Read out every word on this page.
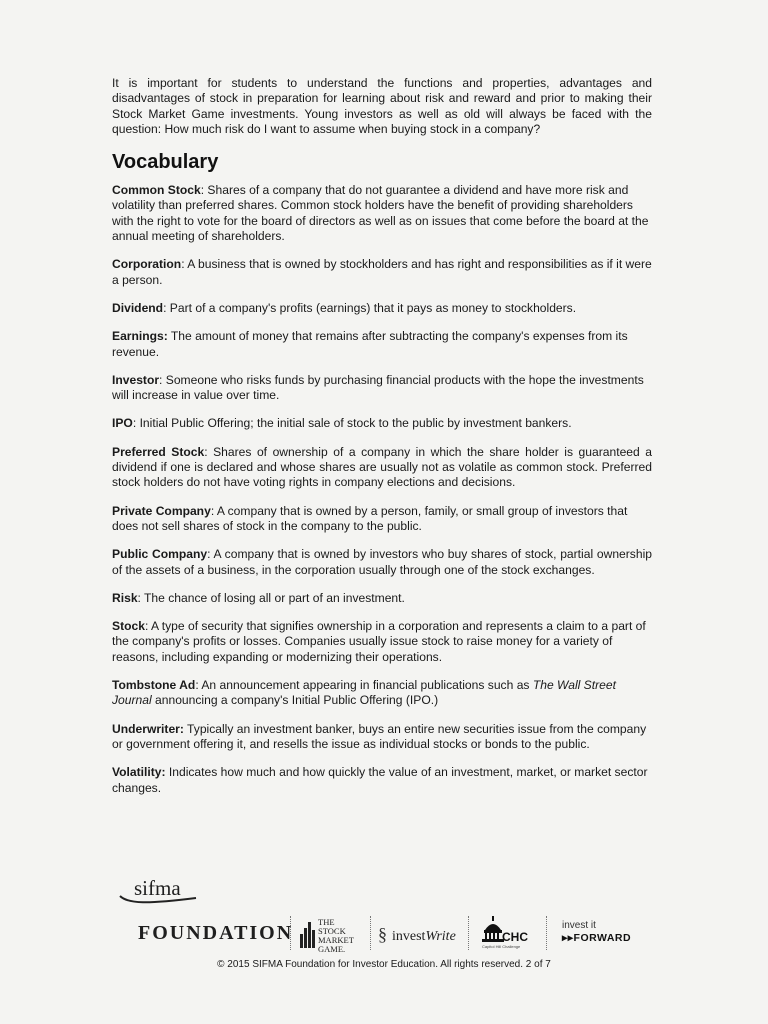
It is important for students to understand the functions and properties, advantages and disadvantages of stock in preparation for learning about risk and reward and prior to making their Stock Market Game investments. Young investors as well as old will always be faced with the question: How much risk do I want to assume when buying stock in a company?

Vocabulary

Common Stock: Shares of a company that do not guarantee a dividend and have more risk and volatility than preferred shares. Common stock holders have the benefit of providing shareholders with the right to vote for the board of directors as well as on issues that come before the board at the annual meeting of shareholders.

Corporation: A business that is owned by stockholders and has right and responsibilities as if it were a person.

Dividend: Part of a company's profits (earnings) that it pays as money to stockholders.

Earnings: The amount of money that remains after subtracting the company's expenses from its revenue.

Investor: Someone who risks funds by purchasing financial products with the hope the investments will increase in value over time.

IPO: Initial Public Offering; the initial sale of stock to the public by investment bankers.

Preferred Stock: Shares of ownership of a company in which the share holder is guaranteed a dividend if one is declared and whose shares are usually not as volatile as common stock. Preferred stock holders do not have voting rights in company elections and decisions.

Private Company: A company that is owned by a person, family, or small group of investors that does not sell shares of stock in the company to the public.

Public Company: A company that is owned by investors who buy shares of stock, partial ownership of the assets of a business, in the corporation usually through one of the stock exchanges.

Risk: The chance of losing all or part of an investment.

Stock: A type of security that signifies ownership in a corporation and represents a claim to a part of the company's profits or losses. Companies usually issue stock to raise money for a variety of reasons, including expanding or modernizing their operations.

Tombstone Ad: An announcement appearing in financial publications such as The Wall Street Journal announcing a company's Initial Public Offering (IPO.)

Underwriter: Typically an investment banker, buys an entire new securities issue from the company or government offering it, and resells the issue as individual stocks or bonds to the public.

Volatility: Indicates how much and how quickly the value of an investment, market, or market sector changes.

sifma
FOUNDATION	THE
STOCK
MARKET
GAME.
§ investWrite	CHC
Capitol Hill Challenge
invest it
▸▸FORWARD
© 2015 SIFMA Foundation for Investor Education. All rights reserved. 2 of 7
